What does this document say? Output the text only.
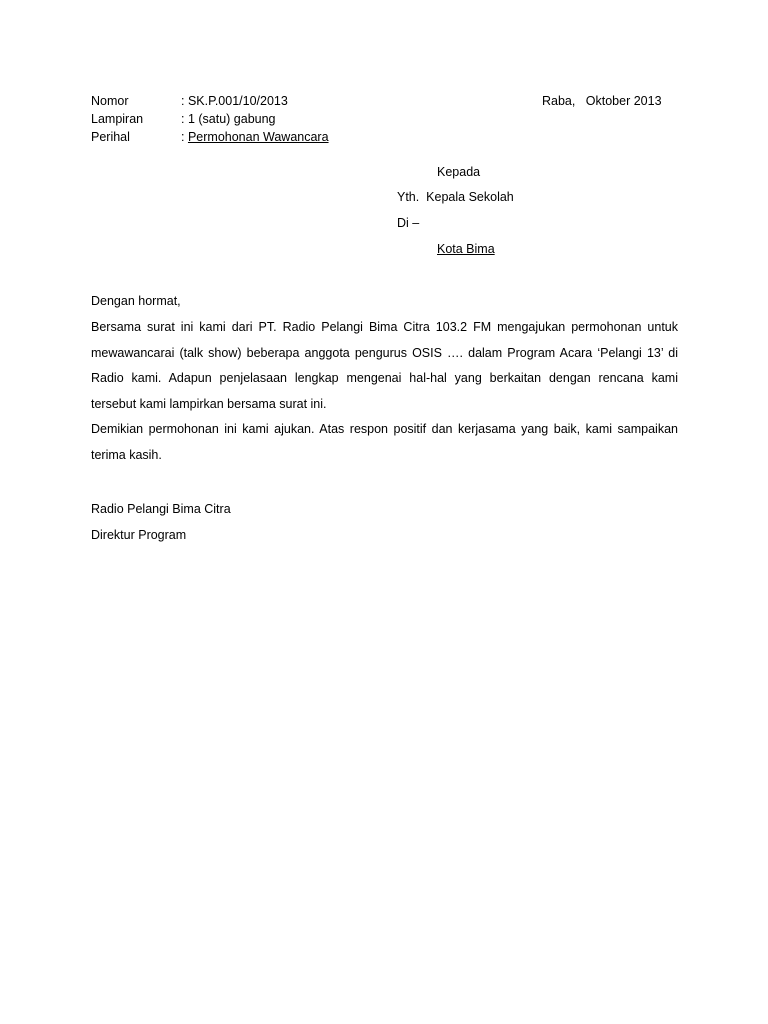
Nomor	: SK.P.001/10/2013
Lampiran	: 1 (satu) gabung
Perihal	: Permohonan Wawancara
Raba,   Oktober 2013
Kepada
Yth.  Kepala Sekolah
Di –
Kota Bima
Dengan hormat,

Bersama surat ini kami dari PT. Radio Pelangi Bima Citra 103.2 FM mengajukan permohonan untuk mewawancarai (talk show) beberapa anggota pengurus OSIS …. dalam Program Acara ‘Pelangi 13’ di Radio kami. Adapun penjelasaan lengkap mengenai hal-hal yang berkaitan dengan rencana kami tersebut kami lampirkan bersama surat ini.

Demikian permohonan ini kami ajukan. Atas respon positif dan kerjasama yang baik, kami sampaikan terima kasih.

Radio Pelangi Bima Citra
Direktur Program
